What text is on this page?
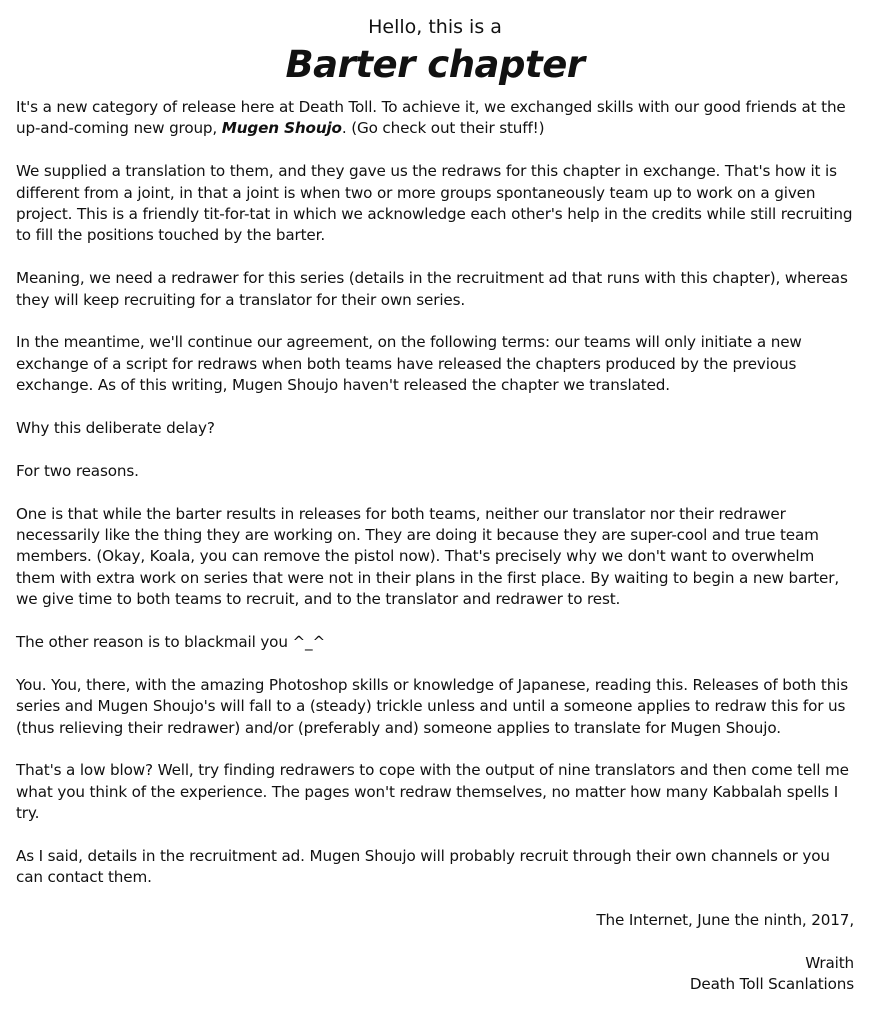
Hello, this is a

Barter chapter

It's a new category of release here at Death Toll. To achieve it, we exchanged skills with our good friends at the up-and-coming new group, Mugen Shoujo. (Go check out their stuff!)

We supplied a translation to them, and they gave us the redraws for this chapter in exchange. That's how it is different from a joint, in that a joint is when two or more groups spontaneously team up to work on a given project. This is a friendly tit-for-tat in which we acknowledge each other's help in the credits while still recruiting to fill the positions touched by the barter.

Meaning, we need a redrawer for this series (details in the recruitment ad that runs with this chapter), whereas they will keep recruiting for a translator for their own series.

In the meantime, we'll continue our agreement, on the following terms: our teams will only initiate a new exchange of a script for redraws when both teams have released the chapters produced by the previous exchange. As of this writing, Mugen Shoujo haven't released the chapter we translated.

Why this deliberate delay?

For two reasons.

One is that while the barter results in releases for both teams, neither our translator nor their redrawer necessarily like the thing they are working on. They are doing it because they are super-cool and true team members. (Okay, Koala, you can remove the pistol now). That's precisely why we don't want to overwhelm them with extra work on series that were not in their plans in the first place. By waiting to begin a new barter, we give time to both teams to recruit, and to the translator and redrawer to rest.

The other reason is to blackmail you ^_^

You. You, there, with the amazing Photoshop skills or knowledge of Japanese, reading this. Releases of both this series and Mugen Shoujo's will fall to a (steady) trickle unless and until a someone applies to redraw this for us (thus relieving their redrawer) and/or (preferably and) someone applies to translate for Mugen Shoujo.

That's a low blow? Well, try finding redrawers to cope with the output of nine translators and then come tell me what you think of the experience. The pages won't redraw themselves, no matter how many Kabbalah spells I try.

As I said, details in the recruitment ad. Mugen Shoujo will probably recruit through their own channels or you can contact them.

The Internet, June the ninth, 2017,

Wraith

Death Toll Scanlations
